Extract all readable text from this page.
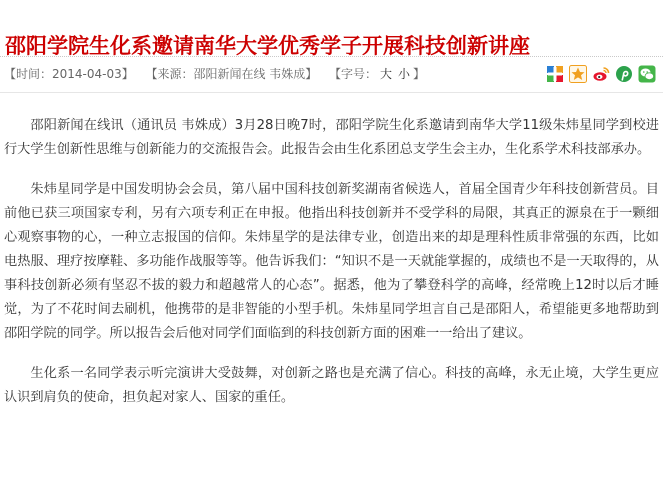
邵阳学院生化系邀请南华大学优秀学子开展科技创新讲座
【时间：2014-04-03】 【来源：邵阳新闻在线 韦姝成】 【字号： 大 小 】

邵阳新闻在线讯（通讯员 韦姝成）3月28日晚7时，邵阳学院生化系邀请到南华大学11级朱炜星同学到校进行大学生创新性思维与创新能力的交流报告会。此报告会由生化系团总支学生会主办，生化系学术科技部承办。

朱炜星同学是中国发明协会会员，第八届中国科技创新奖湖南省候选人，首届全国青少年科技创新营员。目前他已获三项国家专利，另有六项专利正在申报。他指出科技创新并不受学科的局限，其真正的源泉在于一颗细心观察事物的心，一种立志报国的信仰。朱炜星学的是法律专业，创造出来的却是理科性质非常强的东西，比如电热服、理疗按摩鞋、多功能作战服等等。他告诉我们：“知识不是一天就能掌握的，成绩也不是一天取得的，从事科技创新必须有坚忍不拔的毅力和超越常人的心态”。据悉，他为了攀登科学的高峰，经常晚上12时以后才睡觉，为了不花时间去刷机，他携带的是非智能的小型手机。朱炜星同学坦言自己是邵阳人，希望能更多地帮助到邵阳学院的同学。所以报告会后他对同学们面临到的科技创新方面的困难一一给出了建议。

生化系一名同学表示听完演讲大受鼓舞，对创新之路也是充满了信心。科技的高峰，永无止境，大学生更应认识到肩负的使命，担负起对家人、国家的重任。
